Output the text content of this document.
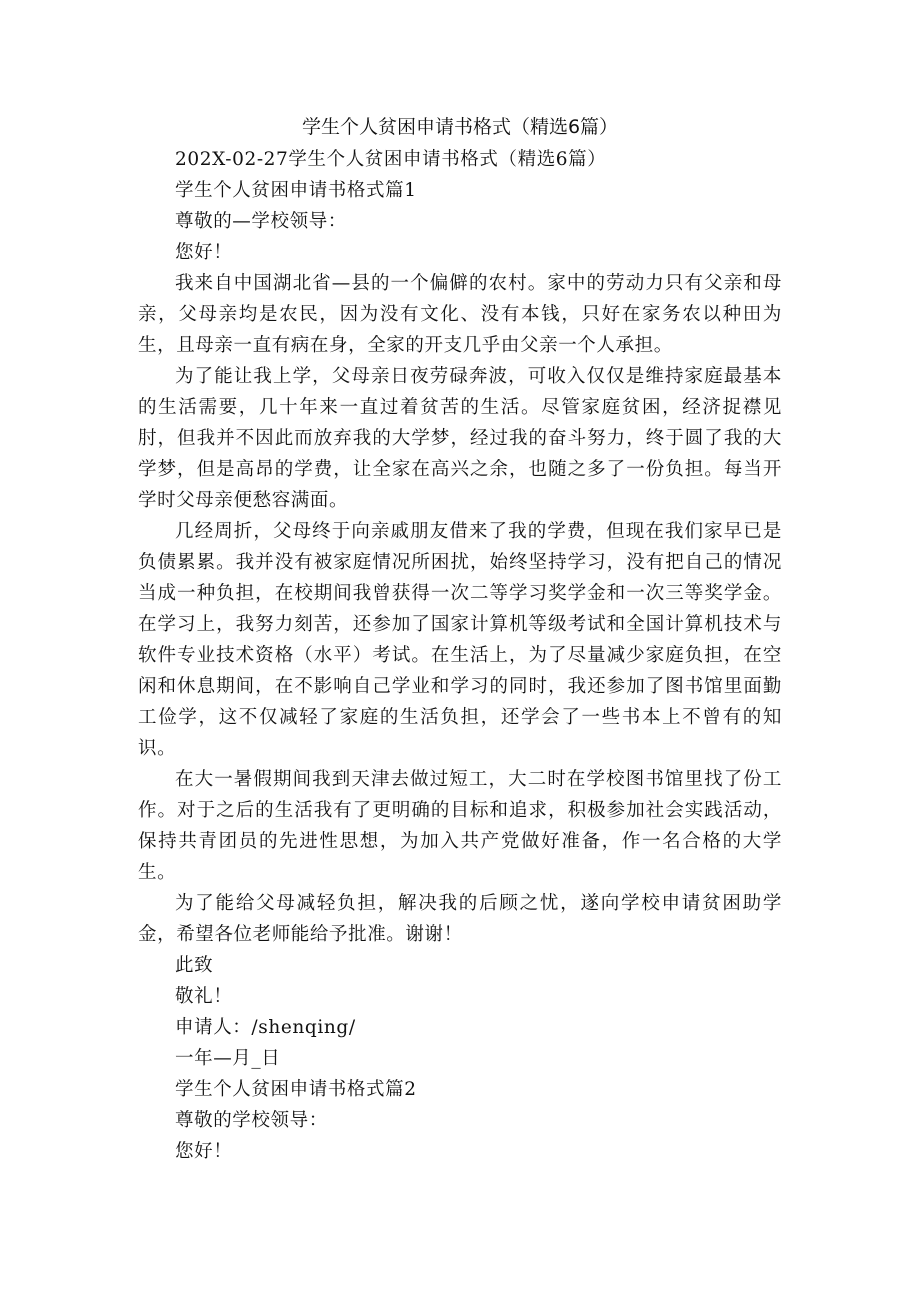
学生个人贫困申请书格式（精选6篇）

202X-02-27学生个人贫困申请书格式（精选6篇）

学生个人贫困申请书格式篇1

尊敬的—学校领导：

您好！

我来自中国湖北省—县的一个偏僻的农村。家中的劳动力只有父亲和母亲，父母亲均是农民，因为没有文化、没有本钱，只好在家务农以种田为生，且母亲一直有病在身，全家的开支几乎由父亲一个人承担。

为了能让我上学，父母亲日夜劳碌奔波，可收入仅仅是维持家庭最基本的生活需要，几十年来一直过着贫苦的生活。尽管家庭贫困，经济捉襟见肘，但我并不因此而放弃我的大学梦，经过我的奋斗努力，终于圆了我的大学梦，但是高昂的学费，让全家在高兴之余，也随之多了一份负担。每当开学时父母亲便愁容满面。

几经周折，父母终于向亲戚朋友借来了我的学费，但现在我们家早已是负债累累。我并没有被家庭情况所困扰，始终坚持学习，没有把自己的情况当成一种负担，在校期间我曾获得一次二等学习奖学金和一次三等奖学金。在学习上，我努力刻苦，还参加了国家计算机等级考试和全国计算机技术与软件专业技术资格（水平）考试。在生活上，为了尽量减少家庭负担，在空闲和休息期间，在不影响自己学业和学习的同时，我还参加了图书馆里面勤工俭学，这不仅减轻了家庭的生活负担，还学会了一些书本上不曾有的知识。

在大一暑假期间我到天津去做过短工，大二时在学校图书馆里找了份工作。对于之后的生活我有了更明确的目标和追求，积极参加社会实践活动，保持共青团员的先进性思想，为加入共产党做好准备，作一名合格的大学生。

为了能给父母减轻负担，解决我的后顾之忧，遂向学校申请贫困助学金，希望各位老师能给予批准。谢谢！

此致

敬礼！

申请人：/shenqing/

一年—月_日

学生个人贫困申请书格式篇2

尊敬的学校领导：

您好！
